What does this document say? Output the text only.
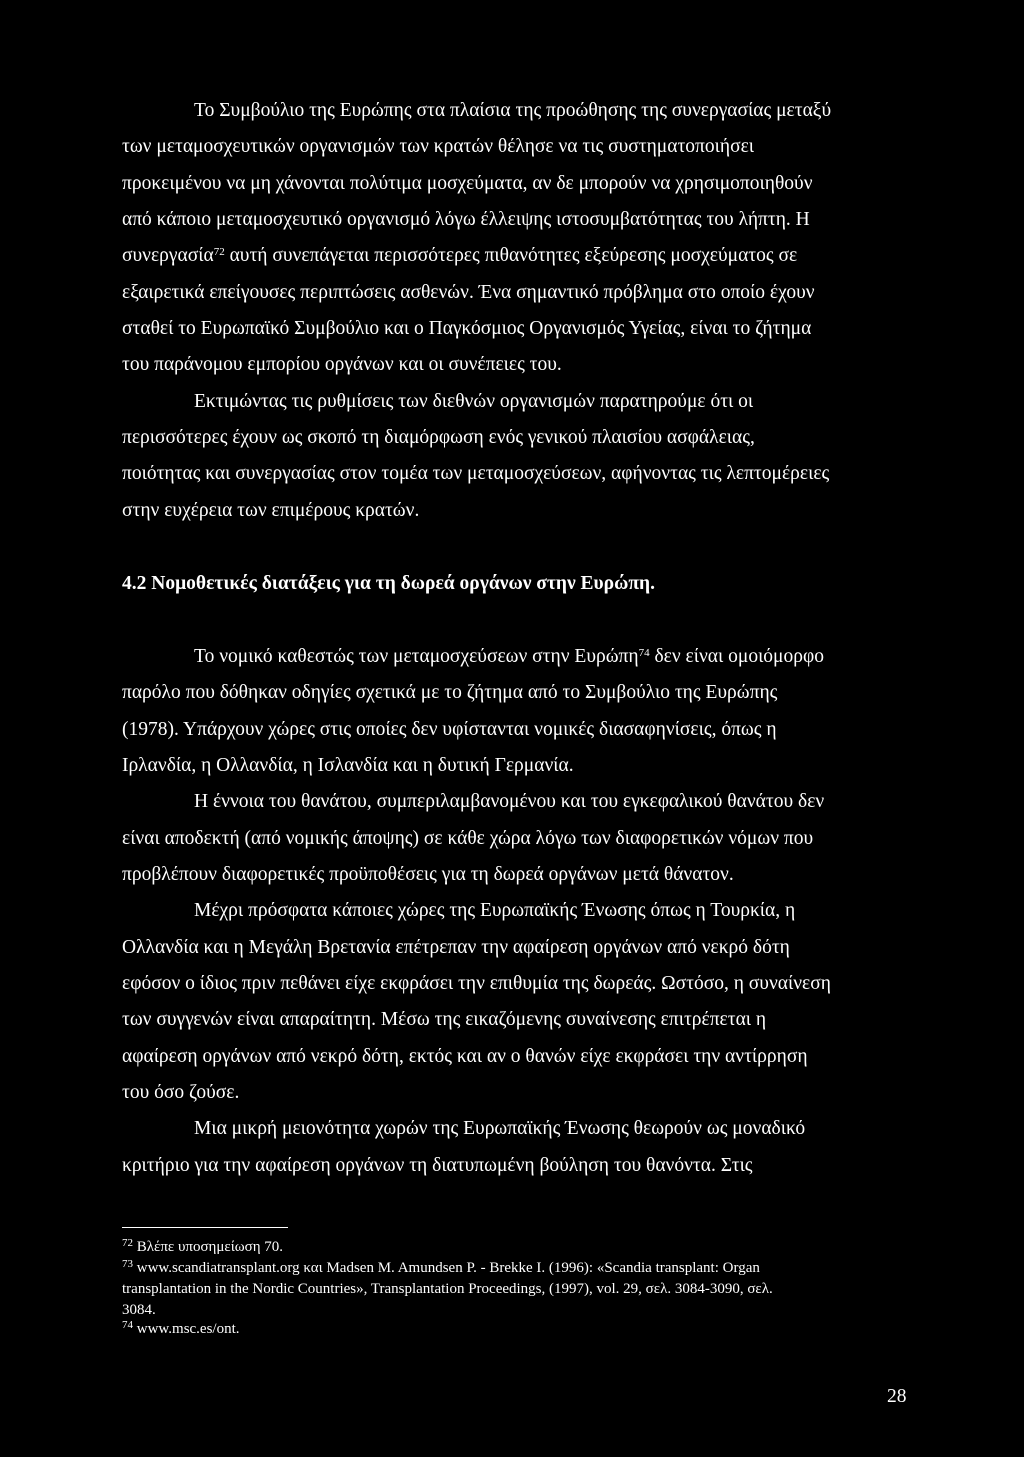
Το Συμβούλιο της Ευρώπης στα πλαίσια της προώθησης της συνεργασίας μεταξύ
των μεταμοσχευτικών οργανισμών των κρατών θέλησε να τις συστηματοποιήσει
προκειμένου να μη χάνονται πολύτιμα μοσχεύματα, αν δε μπορούν να χρησιμοποιηθούν
από κάποιο μεταμοσχευτικό οργανισμό λόγω έλλειψης ιστοσυμβατότητας του λήπτη. Η
συνεργασία$^{72}$ αυτή συνεπάγεται περισσότερες πιθανότητες εξεύρεσης μοσχεύματος σε
εξαιρετικά επείγουσες περιπτώσεις ασθενών. Ένα σημαντικό πρόβλημα στο οποίο έχουν
σταθεί το Ευρωπαϊκό Συμβούλιο και ο Παγκόσμιος Οργανισμός Υγείας, είναι το ζήτημα
του παράνομου εμπορίου οργάνων και οι συνέπειες του.
Εκτιμώντας τις ρυθμίσεις των διεθνών οργανισμών παρατηρούμε ότι οι
περισσότερες έχουν ως σκοπό τη διαμόρφωση ενός γενικού πλαισίου ασφάλειας,
ποιότητας και συνεργασίας στον τομέα των μεταμοσχεύσεων, αφήνοντας τις λεπτομέρειες
στην ευχέρεια των επιμέρους κρατών.
4.2 Νομοθετικές διατάξεις για τη δωρεά οργάνων στην Ευρώπη.
Το νομικό καθεστώς των μεταμοσχεύσεων στην Ευρώπη$^{74}$ δεν είναι ομοιόμορφο
παρόλο που δόθηκαν οδηγίες σχετικά με το ζήτημα από το Συμβούλιο της Ευρώπης
(1978). Υπάρχουν χώρες στις οποίες δεν υφίστανται νομικές διασαφηνίσεις, όπως η
Ιρλανδία, η Ολλανδία, η Ισλανδία και η δυτική Γερμανία.
Η έννοια του θανάτου, συμπεριλαμβανομένου και του εγκεφαλικού θανάτου δεν
είναι αποδεκτή (από νομικής άποψης) σε κάθε χώρα λόγω των διαφορετικών νόμων που
προβλέπουν διαφορετικές προϋποθέσεις για τη δωρεά οργάνων μετά θάνατον.
Μέχρι πρόσφατα κάποιες χώρες της Ευρωπαϊκής Ένωσης όπως η Τουρκία, η
Ολλανδία και η Μεγάλη Βρετανία επέτρεπαν την αφαίρεση οργάνων από νεκρό δότη
εφόσον ο ίδιος πριν πεθάνει είχε εκφράσει την επιθυμία της δωρεάς. Ωστόσο, η συναίνεση
των συγγενών είναι απαραίτητη. Μέσω της εικαζόμενης συναίνεσης επιτρέπεται η
αφαίρεση οργάνων από νεκρό δότη, εκτός και αν ο θανών είχε εκφράσει την αντίρρηση
του όσο ζούσε.
Μια μικρή μειονότητα χωρών της Ευρωπαϊκής Ένωσης θεωρούν ως μοναδικό
κριτήριο για την αφαίρεση οργάνων τη διατυπωμένη βούληση του θανόντα. Στις
$^{72}$ Βλέπε υποσημείωση 70.
$^{73}$ www.scandiatransplant.org και Madsen M. Amundsen P. - Brekke I. (1996): «Scandia transplant: Organ
transplantation in the Nordic Countries», Transplantation Proceedings, (1997), vol. 29, σελ. 3084-3090, σελ.
3084.
$^{74}$ www.msc.es/ont.
28
